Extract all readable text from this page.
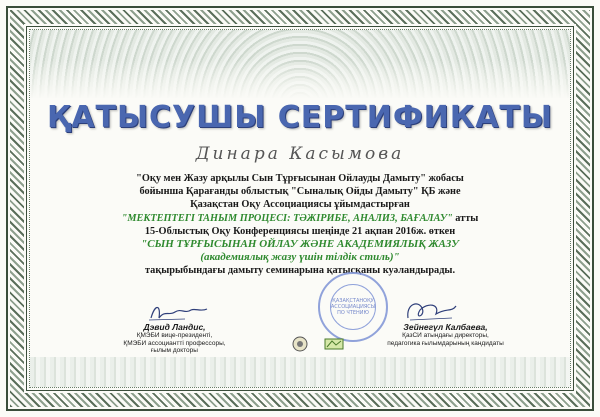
ҚАТЫСУШЫ СЕРТИФИКАТЫ
Динара Касымова
"Оқу мен Жазу арқылы Сын Тұрғысынан Ойлауды Дамыту" жобасы
бойынша Қарағанды облыстық "Сыналық Ойды Дамыту" ҚБ және
Қазақстан Оқу Ассоциациясы ұйымдастырған
"МЕКТЕПТЕГІ ТАНЫМ ПРОЦЕСІ: ТӘЖІРИБЕ, АНАЛИЗ, БАҒАЛАУ" атты
15-Облыстық Оқу Конференциясы шеңінде 21 ақпан 2016ж. өткен
"СЫН ТҰРҒЫСЫНАН ОЙЛАУ ЖӘНЕ АКАДЕМИЯЛЫҚ ЖАЗУ
(академиялық жазу үшін тілдік стиль)"
тақырыбындағы дамыту семинарына қатысқаны куәландырады.
Дэвид Ландис,
ҚМЭБИ вице-президенті,
ҚМЭБИ ассоциантті профессоры,
ғылым докторы
Зейнегүл Калбаева,
ҚазСИ атындағы директоры,
педагогика ғылымдарының кандидаты
ҚАЗАҚСТАНОҚУ
АССОЦИАЦИЯСЫ
ПО ЧТЕНИЮ
